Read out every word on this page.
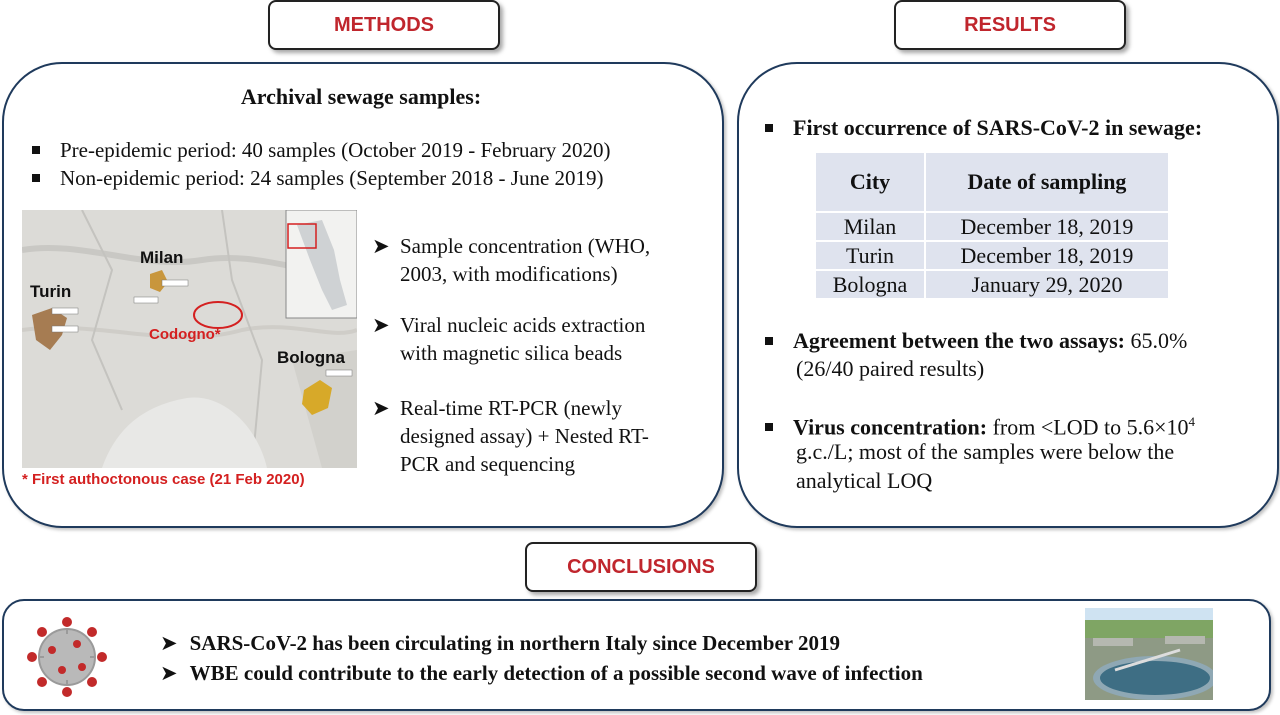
METHODS	RESULTS
CONCLUSIONS
Archival sewage samples:
Pre-epidemic period: 40 samples (October 2019 - February 2020)
Non-epidemic period: 24 samples (September 2018 - June 2019)
Milan
Turin
Bologna
Codogno*
* First authoctonous case (21 Feb 2020)
➤ Sample concentration (WHO,
2003, with modifications)
➤ Viral nucleic acids extraction
with magnetic silica beads
➤ Real-time RT-PCR (newly
designed assay) + Nested RT-
PCR and sequencing
First occurrence of SARS-CoV-2 in sewage:
City	Date of sampling
Milan	December 18, 2019
Turin	December 18, 2019
Bologna	January 29, 2020
Agreement between the two assays: 65.0%
(26/40 paired results)
Virus concentration: from <LOD to $5.6\times 10^4$
g.c./L; most of the samples were below the
analytical LOQ
➤ SARS-CoV-2 has been circulating in northern Italy since December 2019
➤ WBE could contribute to the early detection of a possible second wave of infection
